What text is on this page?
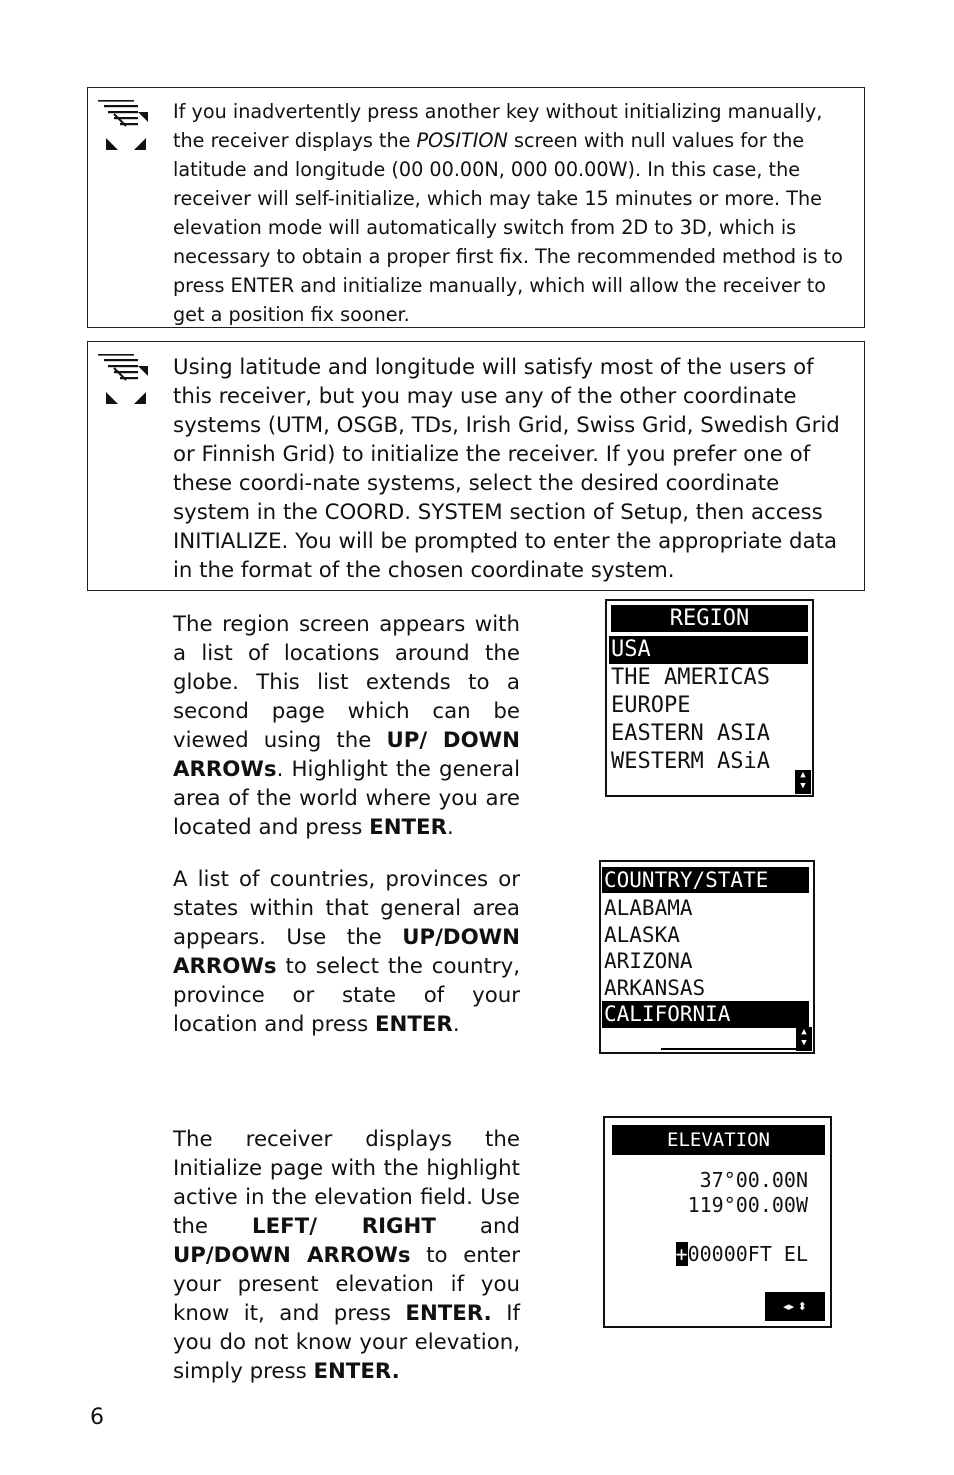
If you inadvertently press another key without initializing manually, the receiver displays the POSITION screen with null values for the latitude and longitude (00 00.00N, 000 00.00W). In this case, the receiver will self-initialize, which may take 15 minutes or more. The elevation mode will automatically switch from 2D to 3D, which is necessary to obtain a proper first fix. The recommended method is to press ENTER and initialize manually, which will allow the receiver to get a position fix sooner.
Using latitude and longitude will satisfy most of the users of this receiver, but you may use any of the other coordinate systems (UTM, OSGB, TDs, Irish Grid, Swiss Grid, Swedish Grid or Finnish Grid) to initialize the receiver. If you prefer one of these coordi-nate systems, select the desired coordinate system in the COORD. SYSTEM section of Setup, then access INITIALIZE. You will be prompted to enter the appropriate data in the format of the chosen coordinate system.
The region screen appears with a list of locations around the globe. This list extends to a second page which can be viewed using the UP/ DOWN ARROWs. Highlight the general area of the world where you are located and press ENTER.
REGION
USA
THE AMERICAS
EUROPE
EASTERN ASIA
WESTERM ASiA
▲
▼
A list of countries, provinces or states within that general area appears. Use the UP/DOWN ARROWs to select the country, province or state of your location and press ENTER.
COUNTRY/STATE
ALABAMA
ALASKA
ARIZONA
ARKANSAS
CALIFORNIA
▲
▼
The receiver displays the Initialize page with the highlight active in the elevation field. Use the LEFT/ RIGHT and UP/DOWN ARROWs to enter your present elevation if you know it, and press ENTER. If you do not know your elevation, simply press ENTER.
ELEVATION
37°00.00N
119°00.00W

+00000FT EL

◂▸ ⬍
6
